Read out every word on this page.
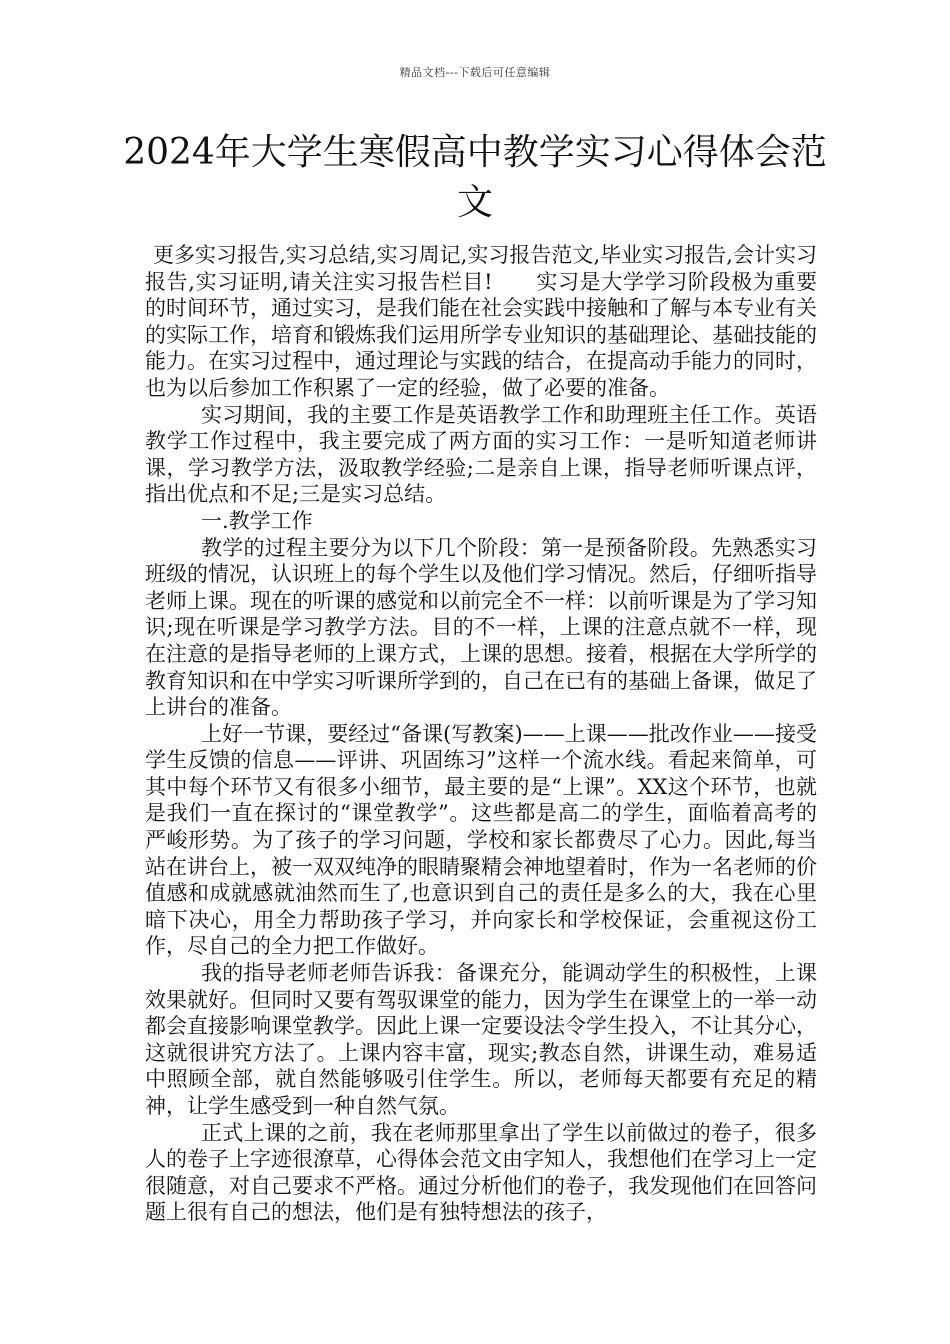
精品文档---下载后可任意编辑
2024年大学生寒假高中教学实习心得体会范文

更多实习报告,实习总结,实习周记,实习报告范文,毕业实习报告,会计实习报告,实习证明,请关注实习报告栏目!　　实习是大学学习阶段极为重要的时间环节，通过实习，是我们能在社会实践中接触和了解与本专业有关的实际工作，培育和锻炼我们运用所学专业知识的基础理论、基础技能的能力。在实习过程中，通过理论与实践的结合，在提高动手能力的同时，也为以后参加工作积累了一定的经验，做了必要的准备。

实习期间，我的主要工作是英语教学工作和助理班主任工作。英语教学工作过程中，我主要完成了两方面的实习工作：一是听知道老师讲课，学习教学方法，汲取教学经验;二是亲自上课，指导老师听课点评，指出优点和不足;三是实习总结。

一.教学工作

教学的过程主要分为以下几个阶段：第一是预备阶段。先熟悉实习班级的情况，认识班上的每个学生以及他们学习情况。然后，仔细听指导老师上课。现在的听课的感觉和以前完全不一样：以前听课是为了学习知识;现在听课是学习教学方法。目的不一样，上课的注意点就不一样，现在注意的是指导老师的上课方式，上课的思想。接着，根据在大学所学的教育知识和在中学实习听课所学到的，自己在已有的基础上备课，做足了上讲台的准备。

上好一节课，要经过“备课(写教案)——上课——批改作业——接受学生反馈的信息——评讲、巩固练习”这样一个流水线。看起来简单，可其中每个环节又有很多小细节，最主要的是“上课”。XX这个环节，也就是我们一直在探讨的“课堂教学”。这些都是高二的学生，面临着高考的严峻形势。为了孩子的学习问题，学校和家长都费尽了心力。因此,每当站在讲台上，被一双双纯净的眼睛聚精会神地望着时，作为一名老师的价值感和成就感就油然而生了,也意识到自己的责任是多么的大，我在心里暗下决心，用全力帮助孩子学习，并向家长和学校保证，会重视这份工作，尽自己的全力把工作做好。

我的指导老师老师告诉我：备课充分，能调动学生的积极性，上课效果就好。但同时又要有驾驭课堂的能力，因为学生在课堂上的一举一动都会直接影响课堂教学。因此上课一定要设法令学生投入，不让其分心，这就很讲究方法了。上课内容丰富，现实;教态自然，讲课生动，难易适中照顾全部，就自然能够吸引住学生。所以，老师每天都要有充足的精神，让学生感受到一种自然气氛。

正式上课的之前，我在老师那里拿出了学生以前做过的卷子，很多人的卷子上字迹很潦草，心得体会范文由字知人，我想他们在学习上一定很随意，对自己要求不严格。通过分析他们的卷子，我发现他们在回答问题上很有自己的想法，他们是有独特想法的孩子，
